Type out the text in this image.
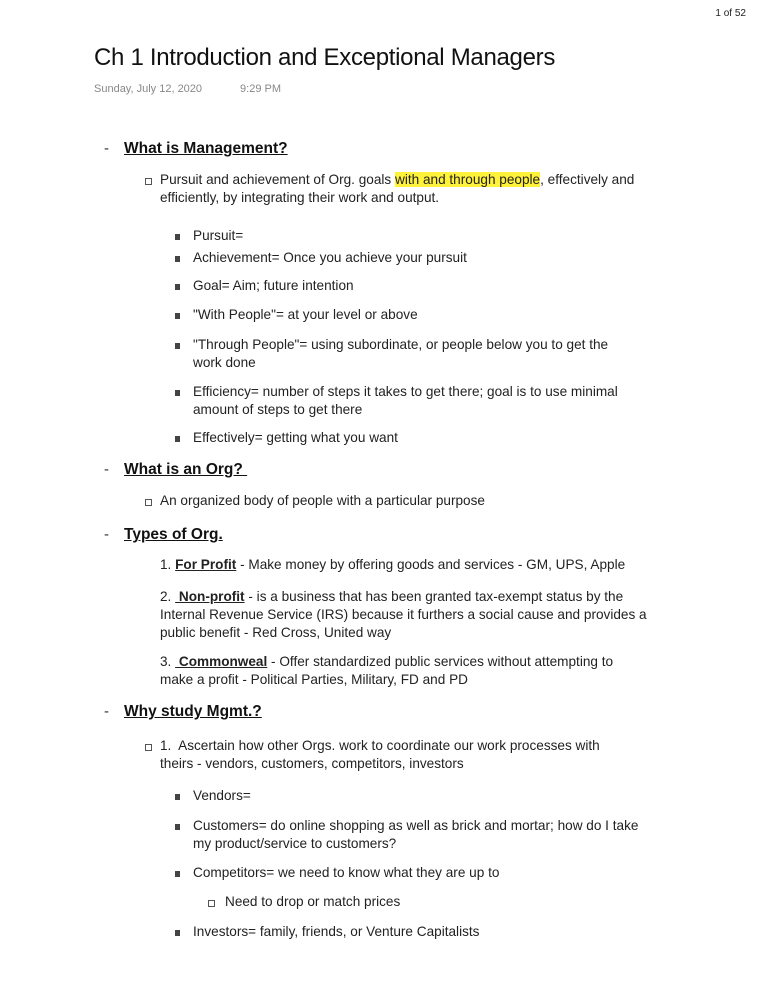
1 of 52
Ch 1 Introduction and Exceptional Managers
Sunday, July 12, 2020	9:29 PM
- What is Management?
Pursuit and achievement of Org. goals with and through people, effectively and
efficiently, by integrating their work and output.
Pursuit=
Achievement= Once you achieve your pursuit
Goal= Aim; future intention
"With People"= at your level or above
"Through People"= using subordinate, or people below you to get the
work done
Efficiency= number of steps it takes to get there; goal is to use minimal
amount of steps to get there
Effectively= getting what you want
- What is an Org?
An organized body of people with a particular purpose
- Types of Org.
1. For Profit - Make money by offering goods and services - GM, UPS, Apple
2.  Non-profit - is a business that has been granted tax-exempt status by the
Internal Revenue Service (IRS) because it furthers a social cause and provides a
public benefit - Red Cross, United way
3.  Commonweal - Offer standardized public services without attempting to
make a profit - Political Parties, Military, FD and PD
- Why study Mgmt.?
1.  Ascertain how other Orgs. work to coordinate our work processes with
theirs - vendors, customers, competitors, investors
Vendors=
Customers= do online shopping as well as brick and mortar; how do I take
my product/service to customers?
Competitors= we need to know what they are up to
Need to drop or match prices
Investors= family, friends, or Venture Capitalists
